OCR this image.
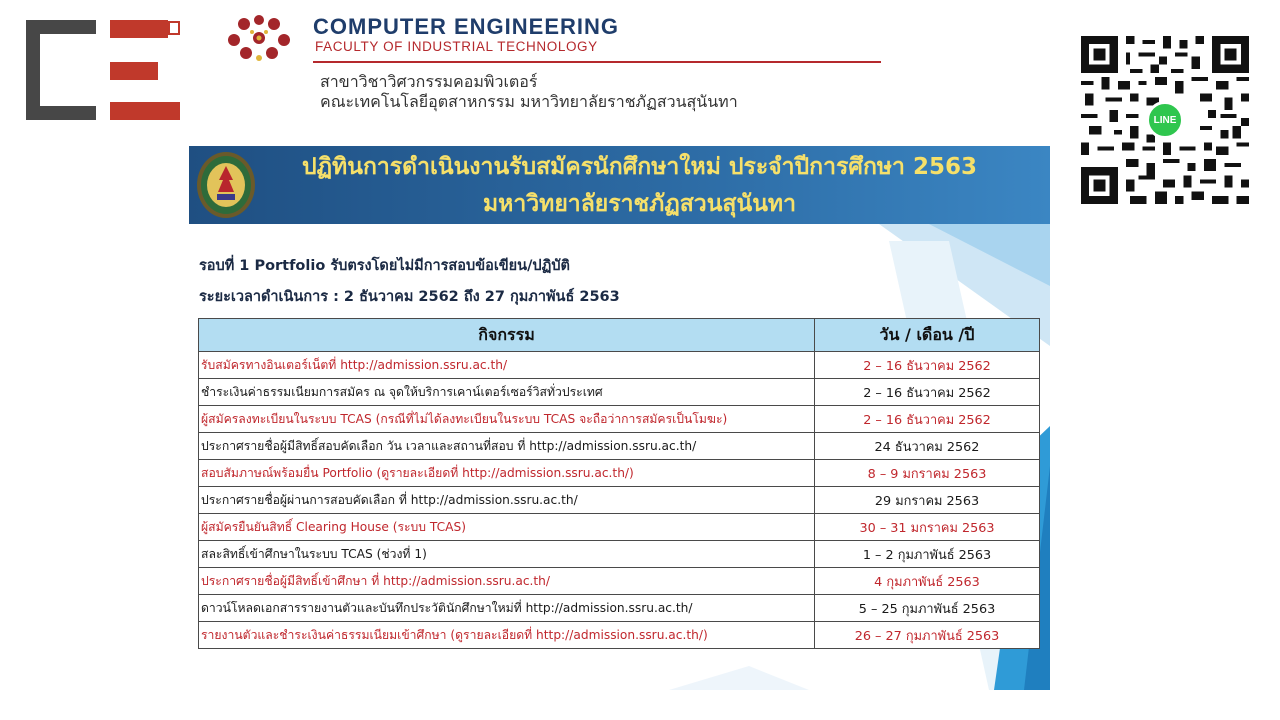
COMPUTER ENGINEERING
FACULTY OF INDUSTRIAL TECHNOLOGY
สาขาวิชาวิศวกรรมคอมพิวเตอร์
คณะเทคโนโลยีอุตสาหกรรม มหาวิทยาลัยราชภัฏสวนสุนันทา
LINE
ปฏิทินการดำเนินงานรับสมัครนักศึกษาใหม่ ประจำปีการศึกษา 2563
มหาวิทยาลัยราชภัฏสวนสุนันทา
รอบที่ 1 Portfolio รับตรงโดยไม่มีการสอบข้อเขียน/ปฏิบัติ
ระยะเวลาดำเนินการ : 2 ธันวาคม 2562 ถึง 27 กุมภาพันธ์ 2563
กิจกรรม	วัน / เดือน /ปี
รับสมัครทางอินเตอร์เน็ตที่ http://admission.ssru.ac.th/	2 – 16 ธันวาคม 2562
ชำระเงินค่าธรรมเนียมการสมัคร ณ จุดให้บริการเคาน์เตอร์เซอร์วิสทั่วประเทศ	2 – 16 ธันวาคม 2562
ผู้สมัครลงทะเบียนในระบบ TCAS (กรณีที่ไม่ได้ลงทะเบียนในระบบ TCAS จะถือว่าการสมัครเป็นโมฆะ)	2 – 16 ธันวาคม 2562
ประกาศรายชื่อผู้มีสิทธิ์สอบคัดเลือก วัน เวลาและสถานที่สอบ ที่ http://admission.ssru.ac.th/	24 ธันวาคม 2562
สอบสัมภาษณ์พร้อมยื่น Portfolio (ดูรายละเอียดที่ http://admission.ssru.ac.th/)	8 – 9 มกราคม 2563
ประกาศรายชื่อผู้ผ่านการสอบคัดเลือก ที่ http://admission.ssru.ac.th/	29 มกราคม 2563
ผู้สมัครยืนยันสิทธิ์ Clearing House (ระบบ TCAS)	30 – 31 มกราคม 2563
สละสิทธิ์เข้าศึกษาในระบบ TCAS (ช่วงที่ 1)	1 – 2 กุมภาพันธ์ 2563
ประกาศรายชื่อผู้มีสิทธิ์เข้าศึกษา ที่ http://admission.ssru.ac.th/	4 กุมภาพันธ์ 2563
ดาวน์โหลดเอกสารรายงานตัวและบันทึกประวัตินักศึกษาใหม่ที่ http://admission.ssru.ac.th/	5 – 25 กุมภาพันธ์ 2563
รายงานตัวและชำระเงินค่าธรรมเนียมเข้าศึกษา (ดูรายละเอียดที่ http://admission.ssru.ac.th/)	26 – 27 กุมภาพันธ์ 2563
